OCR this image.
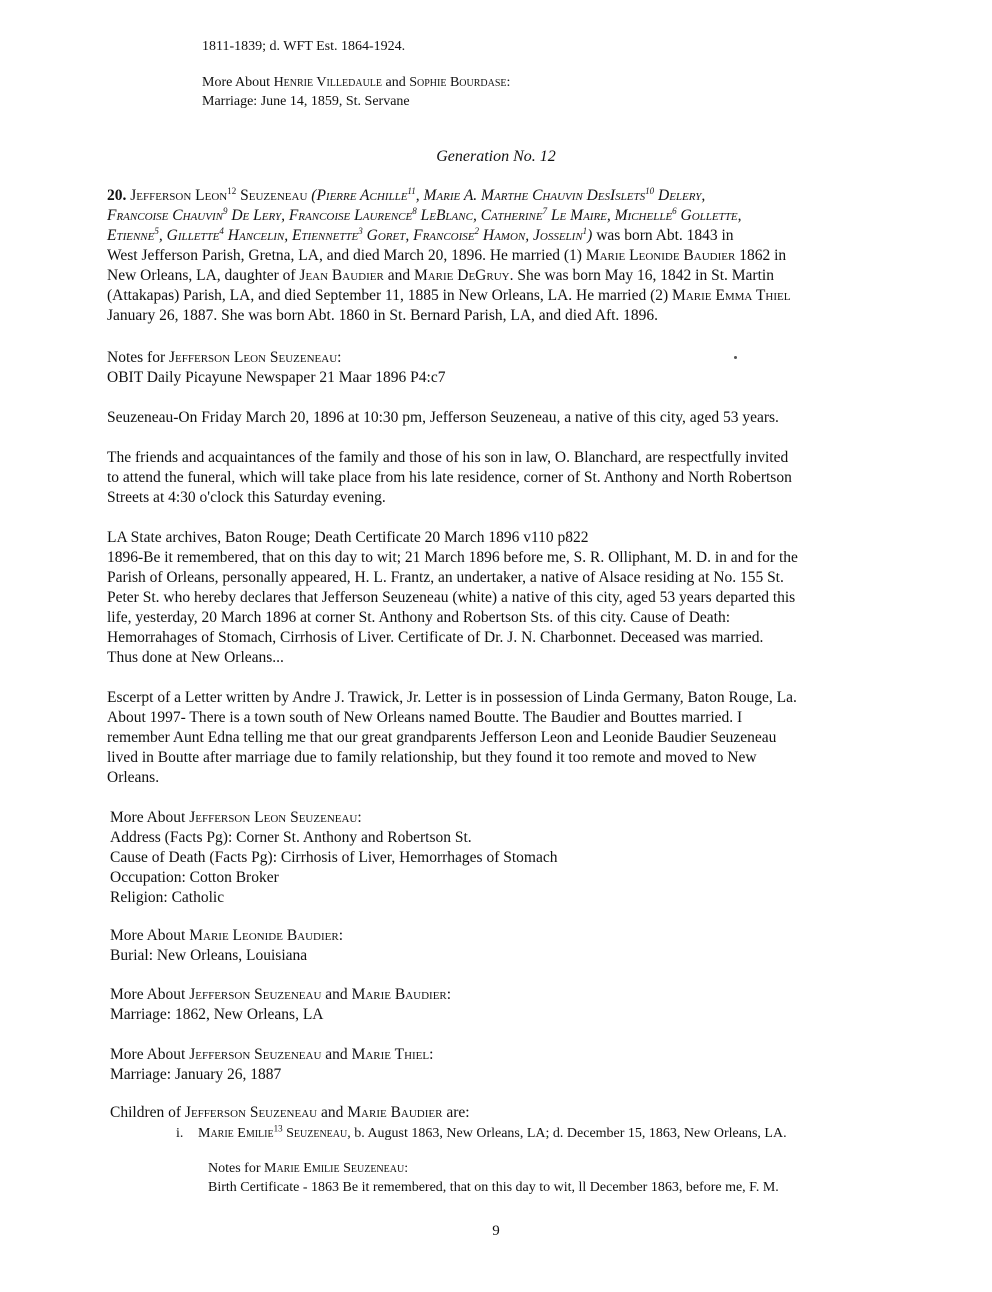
1811-1839; d. WFT Est. 1864-1924.
More About Henrie Villedaule and Sophie Bourdase:
Marriage: June 14, 1859, St. Servane
Generation No. 12
20. Jefferson Leon$^{12}$ Seuzeneau (Pierre Achille$^{11}$, Marie A. Marthe Chauvin DesIslets$^{10}$ Delery,
Francoise Chauvin$^9$ De Lery, Francoise Laurence$^8$ LeBlanc, Catherine$^7$ Le Maire, Michelle$^6$ Gollette,
Etienne$^5$, Gillette$^4$ Hancelin, Etiennette$^3$ Goret, Francoise$^2$ Hamon, Josselin$^1$) was born Abt. 1843 in
West Jefferson Parish, Gretna, LA, and died March 20, 1896. He married (1) Marie Leonide Baudier 1862 in
New Orleans, LA, daughter of Jean Baudier and Marie DeGruy. She was born May 16, 1842 in St. Martin
(Attakapas) Parish, LA, and died September 11, 1885 in New Orleans, LA. He married (2) Marie Emma Thiel
January 26, 1887. She was born Abt. 1860 in St. Bernard Parish, LA, and died Aft. 1896.
Notes for Jefferson Leon Seuzeneau:
OBIT Daily Picayune Newspaper 21 Maar 1896 P4:c7
Seuzeneau-On Friday March 20, 1896 at 10:30 pm, Jefferson Seuzeneau, a native of this city, aged 53 years.
The friends and acquaintances of the family and those of his son in law, O. Blanchard, are respectfully invited
to attend the funeral, which will take place from his late residence, corner of St. Anthony and North Robertson
Streets at 4:30 o'clock this Saturday evening.
LA State archives, Baton Rouge; Death Certificate 20 March 1896 v110 p822
1896-Be it remembered, that on this day to wit; 21 March 1896 before me, S. R. Olliphant, M. D. in and for the
Parish of Orleans, personally appeared, H. L. Frantz, an undertaker, a native of Alsace residing at No. 155 St.
Peter St. who hereby declares that Jefferson Seuzeneau (white) a native of this city, aged 53 years departed this
life, yesterday, 20 March 1896 at corner St. Anthony and Robertson Sts. of this city. Cause of Death:
Hemorrahages of Stomach, Cirrhosis of Liver. Certificate of Dr. J. N. Charbonnet. Deceased was married.
Thus done at New Orleans...
Escerpt of a Letter written by Andre J. Trawick, Jr. Letter is in possession of Linda Germany, Baton Rouge, La.
About 1997- There is a town south of New Orleans named Boutte. The Baudier and Bouttes married. I
remember Aunt Edna telling me that our great grandparents Jefferson Leon and Leonide Baudier Seuzeneau
lived in Boutte after marriage due to family relationship, but they found it too remote and moved to New
Orleans.
More About Jefferson Leon Seuzeneau:
Address (Facts Pg): Corner St. Anthony and Robertson St.
Cause of Death (Facts Pg): Cirrhosis of Liver, Hemorrhages of Stomach
Occupation: Cotton Broker
Religion: Catholic
More About Marie Leonide Baudier:
Burial: New Orleans, Louisiana
More About Jefferson Seuzeneau and Marie Baudier:
Marriage: 1862, New Orleans, LA
More About Jefferson Seuzeneau and Marie Thiel:
Marriage: January 26, 1887
Children of Jefferson Seuzeneau and Marie Baudier are:
i. Marie Emilie$^{13}$ Seuzeneau, b. August 1863, New Orleans, LA; d. December 15, 1863, New Orleans, LA.
Notes for Marie Emilie Seuzeneau:
Birth Certificate - 1863 Be it remembered, that on this day to wit, ll December 1863, before me, F. M.
9
